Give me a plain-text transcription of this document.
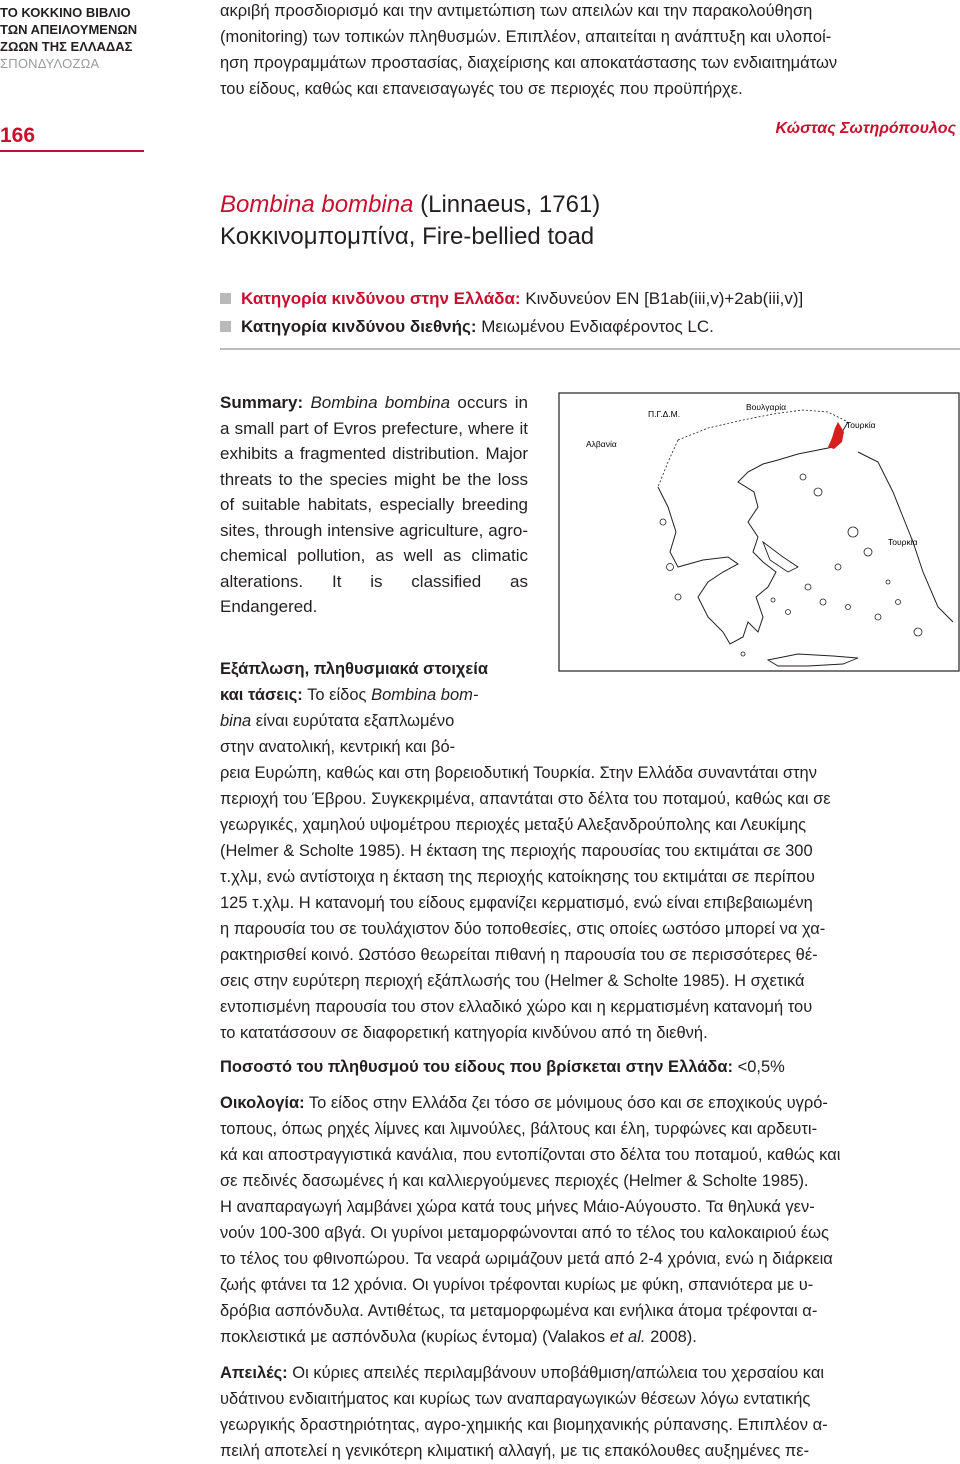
ΤΟ ΚΟΚΚΙΝΟ ΒΙΒΛΙΟ ΤΩΝ ΑΠΕΙΛΟΥΜΕΝΩΝ ΖΩΩΝ ΤΗΣ ΕΛΛΑΔΑΣ
ΣΠΟΝΔΥΛΟΖΩΑ
166
ακριβή προσδιορισμό και την αντιμετώπιση των απειλών και την παρακολούθηση
(monitoring) των τοπικών πληθυσμών. Επιπλέον, απαιτείται η ανάπτυξη και υλοποί-
ηση προγραμμάτων προστασίας, διαχείρισης και αποκατάστασης των ενδιαιτημάτων
του είδους, καθώς και επανεισαγωγές του σε περιοχές που προϋπήρχε.
Κώστας Σωτηρόπουλος
Bombina bombina (Linnaeus, 1761)
Κοκκινομπομπίνα, Fire-bellied toad
Κατηγορία κινδύνου στην Ελλάδα: Κινδυνεύον EN [B1ab(iii,v)+2ab(iii,v)]
Κατηγορία κινδύνου διεθνής: Μειωμένου Ενδιαφέροντος LC.

Summary: Bombina bombina occurs in a small part of Evros prefecture, where it exhibits a fragmented distribution. Major threats to the species might be the loss of suitable habitats, especially breeding sites, through intensive agriculture, agro-chemical pollution, as well as climatic alterations. It is classified as Endangered.

Βουλγαρία
Π.Γ.Δ.Μ.
Αλβανία
Τουρκία
Τουρκία
Εξάπλωση, πληθυσμιακά στοιχεία
και τάσεις: Το είδος Bombina bom-
bina είναι ευρύτατα εξαπλωμένο
στην ανατολική, κεντρική και βό-
ρεια Ευρώπη, καθώς και στη βορειοδυτική Τουρκία. Στην Ελλάδα συναντάται στην
περιοχή του Έβρου. Συγκεκριμένα, απαντάται στο δέλτα του ποταμού, καθώς και σε
γεωργικές, χαμηλού υψομέτρου περιοχές μεταξύ Αλεξανδρούπολης και Λευκίμης
(Helmer & Scholte 1985). Η έκταση της περιοχής παρουσίας του εκτιμάται σε 300
τ.χλμ, ενώ αντίστοιχα η έκταση της περιοχής κατοίκησης του εκτιμάται σε περίπου
125 τ.χλμ. Η κατανομή του είδους εμφανίζει κερματισμό, ενώ είναι επιβεβαιωμένη
η παρουσία του σε τουλάχιστον δύο τοποθεσίες, στις οποίες ωστόσο μπορεί να χα-
ρακτηρισθεί κοινό. Ωστόσο θεωρείται πιθανή η παρουσία του σε περισσότερες θέ-
σεις στην ευρύτερη περιοχή εξάπλωσής του (Helmer & Scholte 1985). Η σχετικά
εντοπισμένη παρουσία του στον ελλαδικό χώρο και η κερματισμένη κατανομή του
το κατατάσσουν σε διαφορετική κατηγορία κινδύνου από τη διεθνή.
Ποσοστό του πληθυσμού του είδους που βρίσκεται στην Ελλάδα: <0,5%
Οικολογία: Το είδος στην Ελλάδα ζει τόσο σε μόνιμους όσο και σε εποχικούς υγρό-
τοπους, όπως ρηχές λίμνες και λιμνούλες, βάλτους και έλη, τυρφώνες και αρδευτι-
κά και αποστραγγιστικά κανάλια, που εντοπίζονται στο δέλτα του ποταμού, καθώς και
σε πεδινές δασωμένες ή και καλλιεργούμενες περιοχές (Helmer & Scholte 1985).
Η αναπαραγωγή λαμβάνει χώρα κατά τους μήνες Μάιο-Αύγουστο. Τα θηλυκά γεν-
νούν 100-300 αβγά. Οι γυρίνοι μεταμορφώνονται από το τέλος του καλοκαιριού έως
το τέλος του φθινοπώρου. Τα νεαρά ωριμάζουν μετά από 2-4 χρόνια, ενώ η διάρκεια
ζωής φτάνει τα 12 χρόνια. Οι γυρίνοι τρέφονται κυρίως με φύκη, σπανιότερα με υ-
δρόβια ασπόνδυλα. Αντιθέτως, τα μεταμορφωμένα και ενήλικα άτομα τρέφονται α-
ποκλειστικά με ασπόνδυλα (κυρίως έντομα) (Valakos et al. 2008).
Απειλές: Οι κύριες απειλές περιλαμβάνουν υποβάθμιση/απώλεια του χερσαίου και
υδάτινου ενδιαιτήματος και κυρίως των αναπαραγωγικών θέσεων λόγω εντατικής
γεωργικής δραστηριότητας, αγρο-χημικής και βιομηχανικής ρύπανσης. Επιπλέον α-
πειλή αποτελεί η γενικότερη κλιματική αλλαγή, με τις επακόλουθες αυξημένες πε-
